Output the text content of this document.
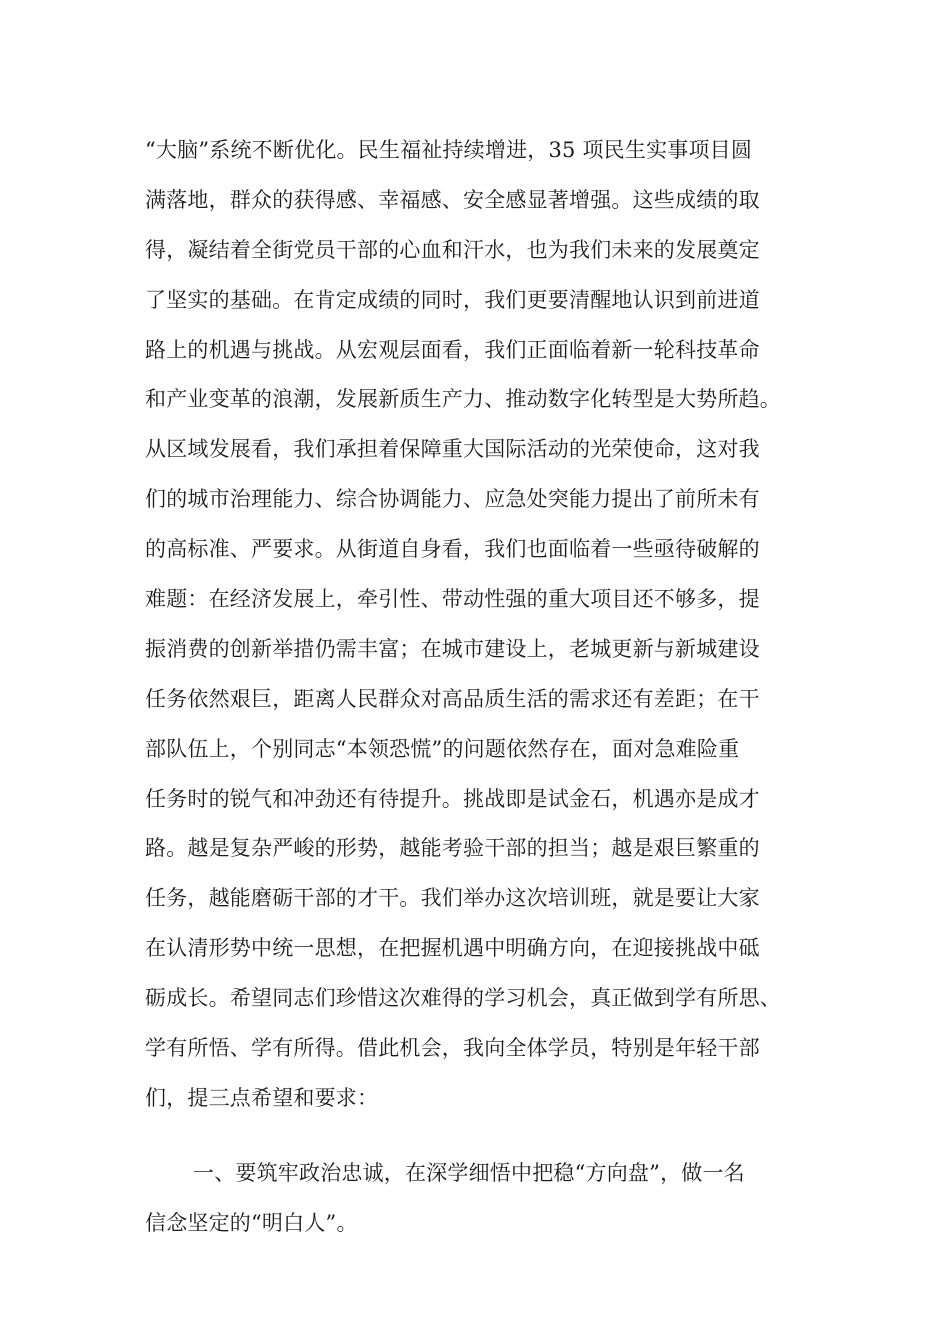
“大脑”系统不断优化。民生福祉持续增进，35 项民生实事项目圆
满落地，群众的获得感、幸福感、安全感显著增强。这些成绩的取
得，凝结着全街党员干部的心血和汗水，也为我们未来的发展奠定
了坚实的基础。在肯定成绩的同时，我们更要清醒地认识到前进道
路上的机遇与挑战。从宏观层面看，我们正面临着新一轮科技革命
和产业变革的浪潮，发展新质生产力、推动数字化转型是大势所趋。
从区域发展看，我们承担着保障重大国际活动的光荣使命，这对我
们的城市治理能力、综合协调能力、应急处突能力提出了前所未有
的高标准、严要求。从街道自身看，我们也面临着一些亟待破解的
难题：在经济发展上，牵引性、带动性强的重大项目还不够多，提
振消费的创新举措仍需丰富；在城市建设上，老城更新与新城建设
任务依然艰巨，距离人民群众对高品质生活的需求还有差距；在干
部队伍上，个别同志“本领恐慌”的问题依然存在，面对急难险重
任务时的锐气和冲劲还有待提升。挑战即是试金石，机遇亦是成才
路。越是复杂严峻的形势，越能考验干部的担当；越是艰巨繁重的
任务，越能磨砺干部的才干。我们举办这次培训班，就是要让大家
在认清形势中统一思想，在把握机遇中明确方向，在迎接挑战中砥
砺成长。希望同志们珍惜这次难得的学习机会，真正做到学有所思、
学有所悟、学有所得。借此机会，我向全体学员，特别是年轻干部
们，提三点希望和要求：
一、要筑牢政治忠诚，在深学细悟中把稳“方向盘”，做一名
信念坚定的“明白人”。
